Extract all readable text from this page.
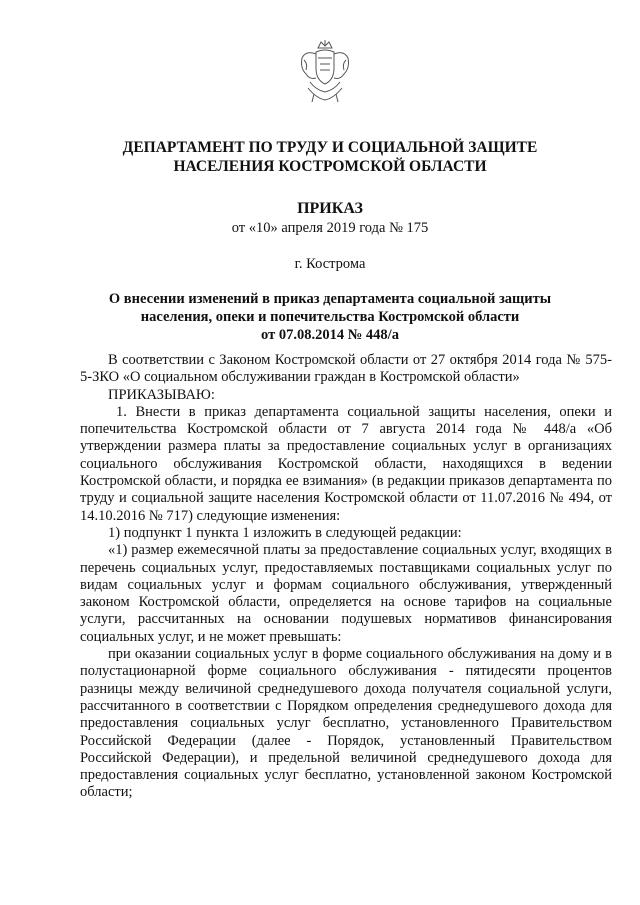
ДЕПАРТАМЕНТ ПО ТРУДУ И СОЦИАЛЬНОЙ ЗАЩИТЕ
НАСЕЛЕНИЯ КОСТРОМСКОЙ ОБЛАСТИ
ПРИКАЗ
от «10» апреля 2019 года № 175
г. Кострома
О внесении изменений в приказ департамента социальной защиты
населения, опеки и попечительства Костромской области
от 07.08.2014 № 448/а

В соответствии с Законом Костромской области от 27 октября 2014 года № 575-5-ЗКО «О социальном обслуживании граждан в Костромской области»

ПРИКАЗЫВАЮ:

1. Внести в приказ департамента социальной защиты населения, опеки и попечительства Костромской области от 7 августа 2014 года № 448/а «Об утверждении размера платы за предоставление социальных услуг в организациях социального обслуживания Костромской области, находящихся в ведении Костромской области, и порядка ее взимания» (в редакции приказов департамента по труду и социальной защите населения Костромской области от 11.07.2016 № 494, от 14.10.2016 № 717) следующие изменения:

1) подпункт 1 пункта 1 изложить в следующей редакции:

«1) размер ежемесячной платы за предоставление социальных услуг, входящих в перечень социальных услуг, предоставляемых поставщиками социальных услуг по видам социальных услуг и формам социального обслуживания, утвержденный законом Костромской области, определяется на основе тарифов на социальные услуги, рассчитанных на основании подушевых нормативов финансирования социальных услуг, и не может превышать:

при оказании социальных услуг в форме социального обслуживания на дому и в полустационарной форме социального обслуживания - пятидесяти процентов разницы между величиной среднедушевого дохода получателя социальной услуги, рассчитанного в соответствии с Порядком определения среднедушевого дохода для предоставления социальных услуг бесплатно, установленного Правительством Российской Федерации (далее - Порядок, установленный Правительством Российской Федерации), и предельной величиной среднедушевого дохода для предоставления социальных услуг бесплатно, установленной законом Костромской области;
